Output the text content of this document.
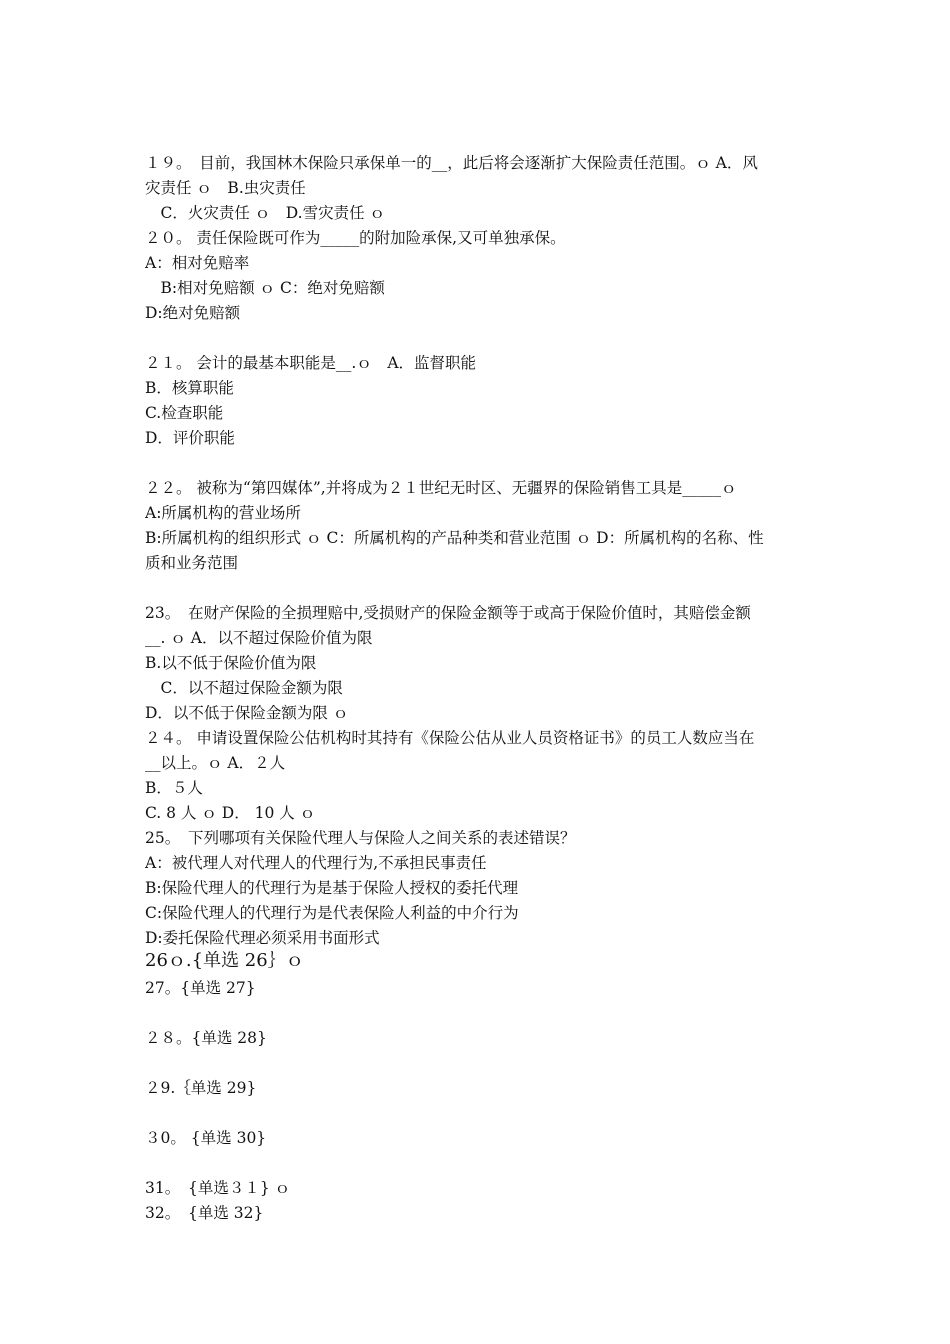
１９。　目前，我国林木保险只承保单一的__，此后将会逐渐扩大保险责任范围。ｏ A．风
灾责任 ｏ　B.虫灾责任
　C．火灾责任 ｏ　D.雪灾责任 ｏ
２０。 责任保险既可作为_____的附加险承保,又可单独承保。
A：相对免赔率
　B:相对免赔额 ｏ C：绝对免赔额
D:绝对免赔额
２１。 会计的最基本职能是__.ｏ　A．监督职能
B．核算职能
C.检查职能
D．评价职能
２２。 被称为“第四媒体”,并将成为２１世纪无时区、无疆界的保险销售工具是_____ｏ
A:所属机构的营业场所
B:所属机构的组织形式 ｏ C：所属机构的产品种类和营业范围 ｏ D：所属机构的名称、性
质和业务范围
23。　在财产保险的全损理赔中,受损财产的保险金额等于或高于保险价值时，其赔偿金额
__. ｏ A．以不超过保险价值为限
B.以不低于保险价值为限
　C．以不超过保险金额为限
D．以不低于保险金额为限 ｏ
２４。 申请设置保险公估机构时其持有《保险公估从业人员资格证书》的员工人数应当在
__以上。ｏ A．２人
B．５人
C. 8 人 ｏ D． 10 人 ｏ
25。　下列哪项有关保险代理人与保险人之间关系的表述错误？
A：被代理人对代理人的代理行为,不承担民事责任
B:保险代理人的代理行为是基于保险人授权的委托代理
C:保险代理人的代理行为是代表保险人利益的中介行为
D:委托保险代理必须采用书面形式
26ｏ.{单选 26｝ｏ
27。{单选 27}
２８。{单选 28}
２9.｛单选 29}
３0。 {单选 30}
31。　{单选３１} ｏ
32。　{单选 32}
